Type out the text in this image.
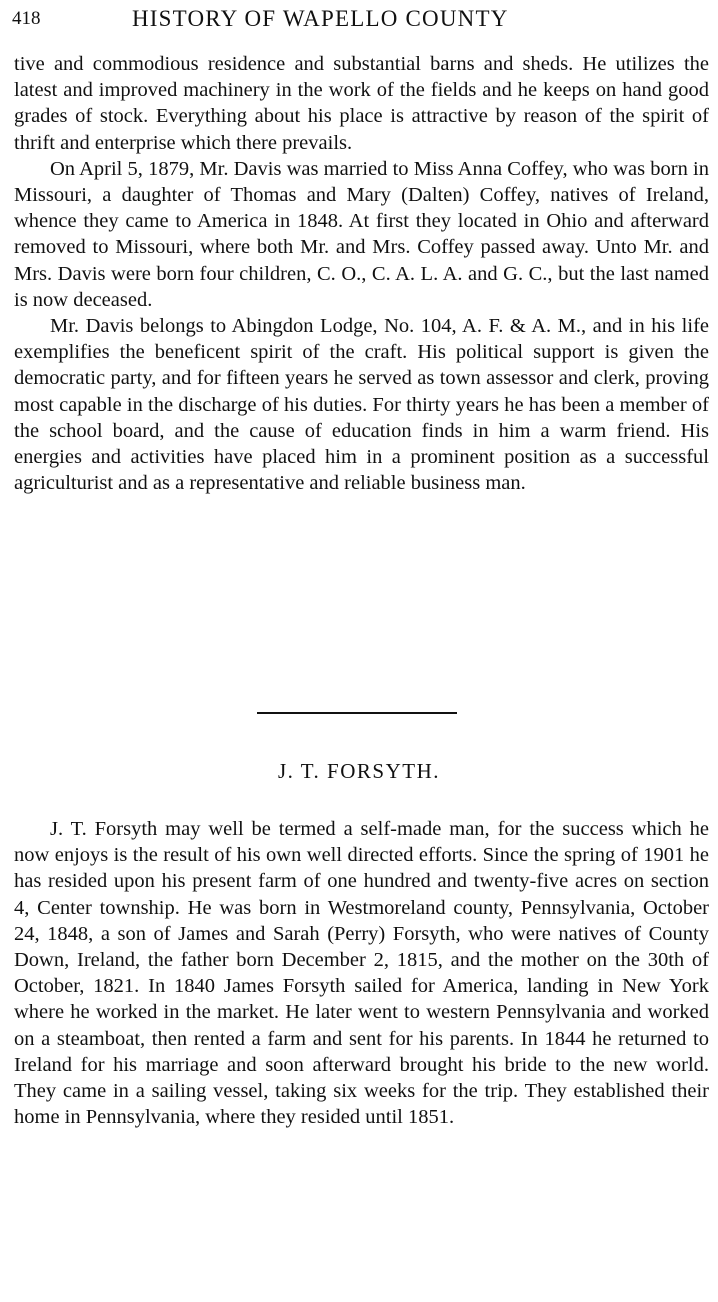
418	HISTORY OF WAPELLO COUNTY

tive and commodious residence and substantial barns and sheds. He utilizes the latest and improved machinery in the work of the fields and he keeps on hand good grades of stock. Everything about his place is attractive by reason of the spirit of thrift and enterprise which there prevails.

On April 5, 1879, Mr. Davis was married to Miss Anna Coffey, who was born in Missouri, a daughter of Thomas and Mary (Dalten) Coffey, natives of Ireland, whence they came to America in 1848. At first they located in Ohio and afterward removed to Missouri, where both Mr. and Mrs. Coffey passed away. Unto Mr. and Mrs. Davis were born four children, C. O., C. A. L. A. and G. C., but the last named is now deceased.

Mr. Davis belongs to Abingdon Lodge, No. 104, A. F. & A. M., and in his life exemplifies the beneficent spirit of the craft. His political support is given the democratic party, and for fifteen years he served as town assessor and clerk, proving most capable in the discharge of his duties. For thirty years he has been a member of the school board, and the cause of education finds in him a warm friend. His energies and activities have placed him in a prominent position as a successful agriculturist and as a representative and reliable business man.

J. T. FORSYTH.

J. T. Forsyth may well be termed a self-made man, for the success which he now enjoys is the result of his own well directed efforts. Since the spring of 1901 he has resided upon his present farm of one hundred and twenty-five acres on section 4, Center township. He was born in Westmoreland county, Pennsylvania, October 24, 1848, a son of James and Sarah (Perry) Forsyth, who were natives of County Down, Ireland, the father born December 2, 1815, and the mother on the 30th of October, 1821. In 1840 James Forsyth sailed for America, landing in New York where he worked in the market. He later went to western Pennsylvania and worked on a steamboat, then rented a farm and sent for his parents. In 1844 he returned to Ireland for his marriage and soon afterward brought his bride to the new world. They came in a sailing vessel, taking six weeks for the trip. They established their home in Pennsylvania, where they resided until 1851.
